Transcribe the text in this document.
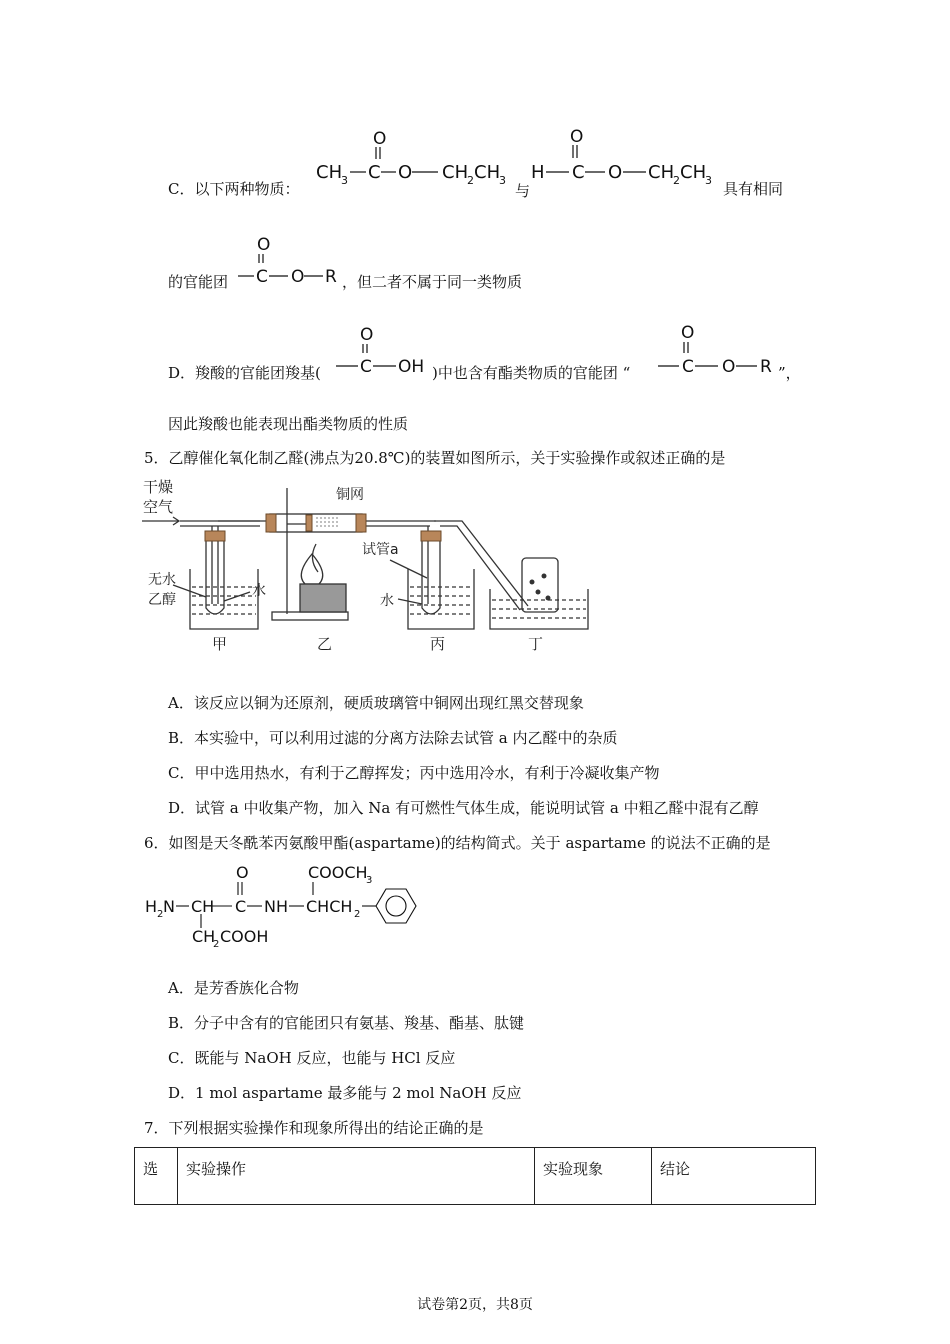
C．以下两种物质：
CH
3 C O CH
2 CH
3
O
H C O CH
2 CH
3
O
与	具有相同
的官能团 C O R
O
，但二者不属于同一类物质
D．羧酸的官能团羧基( C OH
O
)中也含有酯类物质的官能团 “	C O R
O
”，
因此羧酸也能表现出酯类物质的性质
5．乙醇催化氧化制乙醛(沸点为20.8℃)的装置如图所示，关于实验操作或叙述正确的是
干燥
空气
铜网
试管a
无水
乙醇
水
水
甲	乙	丙	丁
A．该反应以铜为还原剂，硬质玻璃管中铜网出现红黑交替现象
B．本实验中，可以利用过滤的分离方法除去试管 a 内乙醛中的杂质
C．甲中选用热水，有利于乙醇挥发；丙中选用冷水，有利于冷凝收集产物
D．试管 a 中收集产物，加入 Na 有可燃性气体生成，能说明试管 a 中粗乙醛中混有乙醇
6．如图是天冬酰苯丙氨酸甲酯(aspartame)的结构简式。关于 aspartame 的说法不正确的是
H 2 N CH C
O
NH CHCH 2
COOCH
3
CH
2 COOH
A．是芳香族化合物
B．分子中含有的官能团只有氨基、羧基、酯基、肽键
C．既能与 NaOH 反应，也能与 HCl 反应
D．1 mol aspartame 最多能与 2 mol NaOH 反应
7．下列根据实验操作和现象所得出的结论正确的是
选	实验操作	实验现象	结论
试卷第2页，共8页
